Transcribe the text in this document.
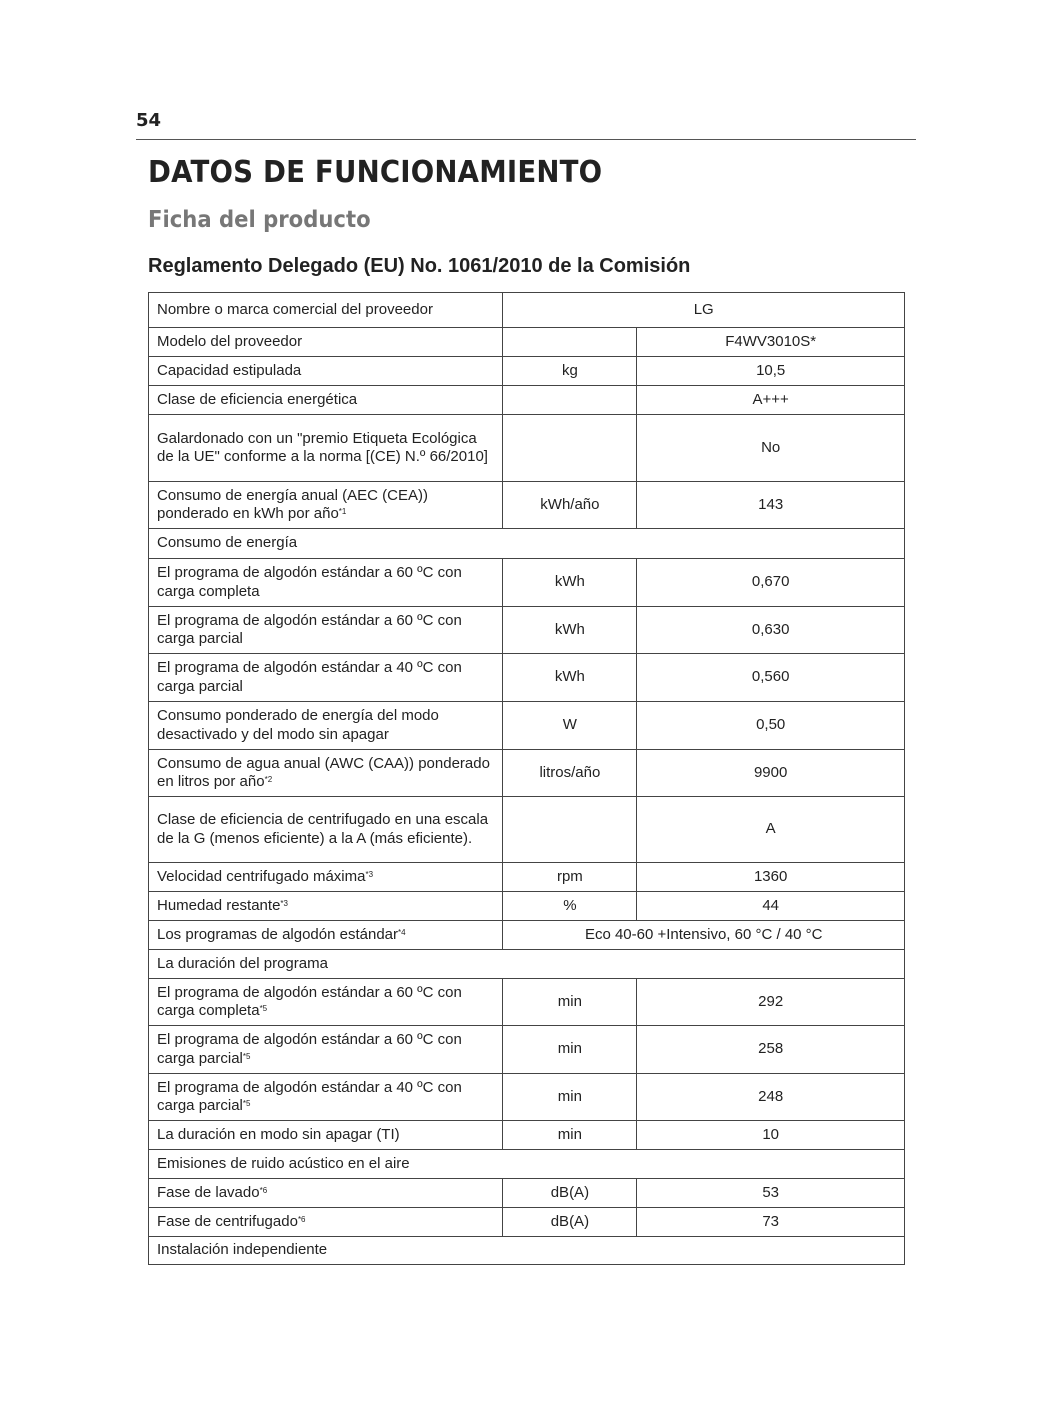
54
DATOS DE FUNCIONAMIENTO
Ficha del producto
Reglamento Delegado (EU) No. 1061/2010 de la Comisión
Nombre o marca comercial del proveedor	LG	
Modelo del proveedor		F4WV3010S*
Capacidad estipulada	kg	10,5
Clase de eficiencia energética		A+++
Galardonado con un "premio Etiqueta Ecológica de la UE" conforme a la norma [(CE) N.º 66/2010]		No
Consumo de energía anual (AEC (CEA)) ponderado en kWh por año$^{*1}$	kWh/año	143
Consumo de energía		
El programa de algodón estándar a 60 ºC con carga completa	kWh	0,670
El programa de algodón estándar a 60 ºC con carga parcial	kWh	0,630
El programa de algodón estándar a 40 ºC con carga parcial	kWh	0,560
Consumo ponderado de energía del modo desactivado y del modo sin apagar	W	0,50
Consumo de agua anual (AWC (CAA)) ponderado en litros por año$^{*2}$	litros/año	9900
Clase de eficiencia de centrifugado en una escala de la G (menos eficiente) a la A (más eficiente).		A
Velocidad centrifugado máxima$^{*3}$	rpm	1360
Humedad restante$^{*3}$	%	44
Los programas de algodón estándar$^{*4}$	Eco 40-60 +Intensivo, 60 °C / 40 °C	
La duración del programa		
El programa de algodón estándar a 60 ºC con carga completa$^{*5}$	min	292
El programa de algodón estándar a 60 ºC con carga parcial$^{*5}$	min	258
El programa de algodón estándar a 40 ºC con carga parcial$^{*5}$	min	248
La duración en modo sin apagar (TI)	min	10
Emisiones de ruido acústico en el aire		
Fase de lavado$^{*6}$	dB(A)	53
Fase de centrifugado$^{*6}$	dB(A)	73
Instalación independiente		
